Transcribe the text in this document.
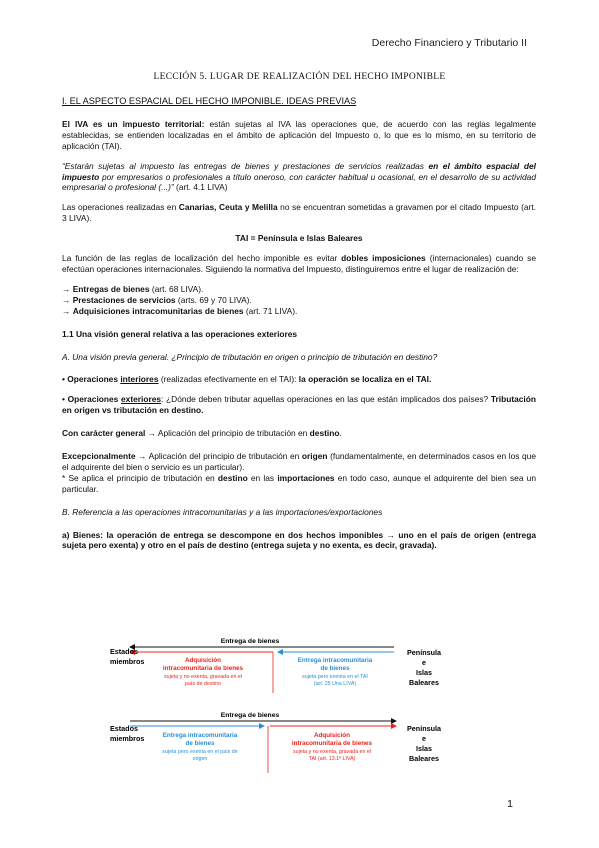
Derecho Financiero y Tributario II
LECCIÓN 5. LUGAR DE REALIZACIÓN DEL HECHO IMPONIBLE

I. EL ASPECTO ESPACIAL DEL HECHO IMPONIBLE. IDEAS PREVIAS

El IVA es un impuesto territorial: están sujetas al IVA las operaciones que, de acuerdo con las reglas legalmente establecidas, se entienden localizadas en el ámbito de aplicación del Impuesto o, lo que es lo mismo, en su territorio de aplicación (TAI).

“Estarán sujetas al impuesto las entregas de bienes y prestaciones de servicios realizadas en el ámbito espacial del impuesto por empresarios o profesionales a título oneroso, con carácter habitual u ocasional, en el desarrollo de su actividad empresarial o profesional (...)” (art. 4.1 LIVA)

Las operaciones realizadas en Canarias, Ceuta y Melilla no se encuentran sometidas a gravamen por el citado Impuesto (art. 3 LIVA).

TAI = Península e Islas Baleares

La función de las reglas de localización del hecho imponible es evitar dobles imposiciones (internacionales) cuando se efectúan operaciones internacionales. Siguiendo la normativa del Impuesto, distinguiremos entre el lugar de realización de:

→ Entregas de bienes (art. 68 LIVA).

→ Prestaciones de servicios (arts. 69 y 70 LIVA).

→ Adquisiciones intracomunitarias de bienes (art. 71 LIVA).

1.1 Una visión general relativa a las operaciones exteriores

A. Una visión previa general. ¿Principio de tributación en origen o principio de tributación en destino?

• Operaciones interiores (realizadas efectivamente en el TAI): la operación se localiza en el TAI.

• Operaciones exteriores: ¿Dónde deben tributar aquellas operaciones en las que están implicados dos países? Tributación en origen vs tributación en destino.

Con carácter general → Aplicación del principio de tributación en destino.

Excepcionalmente → Aplicación del principio de tributación en origen (fundamentalmente, en determinados casos en los que el adquirente del bien o servicio es un particular).

* Se aplica el principio de tributación en destino en las importaciones en todo caso, aunque el adquirente del bien sea un particular.

B. Referencia a las operaciones intracomunitarias y a las importaciones/exportaciones

a) Bienes: la operación de entrega se descompone en dos hechos imponibles → uno en el país de origen (entrega sujeta pero exenta) y otro en el país de destino (entrega sujeta y no exenta, es decir, gravada).

Entrega de bienes
Estados
miembros	Adquisición
intracomunitaria de bienes
sujeta y no exenta, gravada en el
país de destino
Entrega intracomunitaria
de bienes
sujeta pero exenta en el TAI
(art. 25 Una LIVA)
Península
e
Islas
Baleares
Entrega de bienes
Estados
miembros	Entrega intracomunitaria
de bienes
sujeta pero exenta en el país de
origen
Adquisición
intracomunitaria de bienes
sujeta y no exenta, gravada en el
TAI (art. 13.1º LIVA)
Península
e
Islas
Baleares
1
